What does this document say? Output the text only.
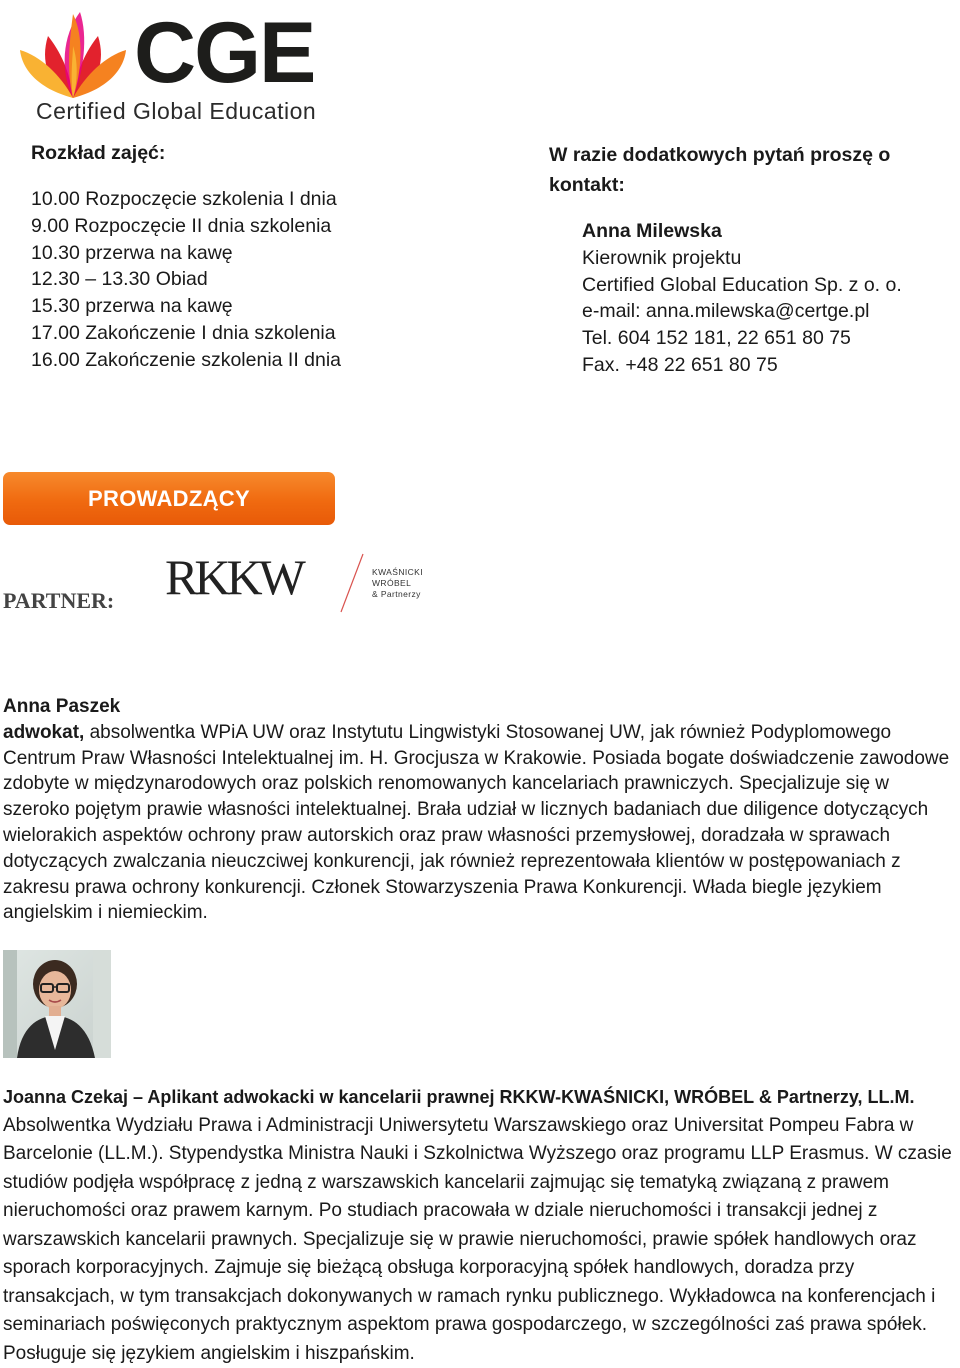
CGE
Certified Global Education
Rozkład zajęć:
10.00 Rozpoczęcie szkolenia I dnia
9.00 Rozpoczęcie II dnia szkolenia
10.30 przerwa na kawę
12.30 – 13.30 Obiad
15.30 przerwa na kawę
17.00 Zakończenie I dnia szkolenia
16.00 Zakończenie szkolenia II dnia
W razie dodatkowych pytań proszę o kontakt:
Anna Milewska
Kierownik projektu
Certified Global Education Sp. z o. o.
e-mail: anna.milewska@certge.pl
Tel. 604 152 181, 22 651 80 75
Fax. +48 22 651 80 75
PROWADZĄCY
PARTNER: RKKW	KWAŚNICKI
WRÓBEL
& Partnerzy
Anna Paszek
adwokat, absolwentka WPiA UW oraz Instytutu Lingwistyki Stosowanej UW, jak również Podyplomowego Centrum Praw Własności Intelektualnej im. H. Grocjusza w Krakowie. Posiada bogate doświadczenie zawodowe zdobyte w międzynarodowych oraz polskich renomowanych kancelariach prawniczych. Specjalizuje się w szeroko pojętym prawie własności intelektualnej. Brała udział w licznych badaniach due diligence dotyczących wielorakich aspektów ochrony praw autorskich oraz praw własności przemysłowej, doradzała w sprawach dotyczących zwalczania nieuczciwej konkurencji, jak również reprezentowała klientów w postępowaniach z zakresu prawa ochrony konkurencji. Członek Stowarzyszenia Prawa Konkurencji. Włada biegle językiem angielskim i niemieckim.
Joanna Czekaj – Aplikant adwokacki w kancelarii prawnej RKKW-KWAŚNICKI, WRÓBEL & Partnerzy, LL.M.
Absolwentka Wydziału Prawa i Administracji Uniwersytetu Warszawskiego oraz Universitat Pompeu Fabra w Barcelonie (LL.M.). Stypendystka Ministra Nauki i Szkolnictwa Wyższego oraz programu LLP Erasmus. W czasie studiów podjęła współpracę z jedną z warszawskich kancelarii zajmując się tematyką związaną z prawem nieruchomości oraz prawem karnym. Po studiach pracowała w dziale nieruchomości i transakcji jednej z warszawskich kancelarii prawnych. Specjalizuje się w prawie nieruchomości, prawie spółek handlowych oraz sporach korporacyjnych. Zajmuje się bieżącą obsługa korporacyjną spółek handlowych, doradza przy transakcjach, w tym transakcjach dokonywanych w ramach rynku publicznego. Wykładowca na konferencjach i seminariach poświęconych praktycznym aspektom prawa gospodarczego, w szczególności zaś prawa spółek. Posługuje się językiem angielskim i hiszpańskim.
